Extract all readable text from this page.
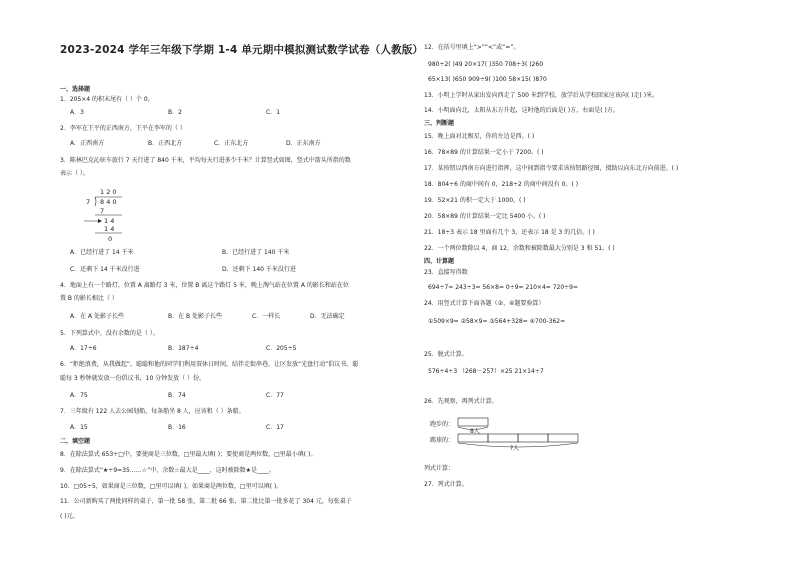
2023-2024 学年三年级下学期 1-4 单元期中模拟测试数学试卷（人教版）
一、选择题
1．205×4 的积末尾有（ ）个 0。
A．3	B．2	C．1
2．李军在王平的正西南方，王平在李军的（ ）
A．正西南方	B．正西北方	C．正东北方	D．正东南方
3．陈林巴克沁驻车旅行 7 天行进了 840 千米，平均每天行进多少千米？计算竖式如图，竖式中箭头所指的数
表示（ ）。
A．已经行进了 14 千米	B．已经行进了 140 千米
C．还剩下 14 千米没行进	D．还剩下 140 千米没行进
4．地面上有一个路灯，位置 A 离路灯 3 米，位置 B 离这个路灯 5 米，晚上淘气站在位置 A 的影长和站在位
置 B 的影长相比（ ）
A．在 A 处影子长些	B．在 B 处影子长些	C．一样长	D．无法确定
5．下列算式中，没有余数的是（ ）。
A．17÷6	B．187÷4	C．205÷5
6．“拒绝浪费，从我做起”。聪聪和他的同学们利用双休日时间，结伴走街串巷，让区发放“光盘行动”倡议书。聪
聪每 3 秒钟就发放一份倡议书，10 分钟发放（ ）份。
A．75	B．74	C．77
7．三年级有 122 人去公园划船，每条船坐 8 人，应该租（ ）条船。
A．15	B．16	C．17
二、填空题
8．在除法算式 653÷□中，要使商是三位数，□里最大填( )；要使商是两位数，□里最小填( )。
9．在除法算式“★÷9=35……☆”中，余数☆最大是____，这时被除数★是____。
10．□05÷5，如果商是三位数，□里可以填( )，如果商是两位数，□里可以填( )。
11．公司新购买了两批同样的桌子，第一批 58 张，第二批 66 张，第二批比第一批多花了 304 元，每张桌子
( )元。
12．在括号里填上“>”“<”或“=”。
980÷2( )49 20×17( )350 708÷3( )260
65×13( )650 909÷9( )100 58×15( )870
13．小明上学时从家出发向西走了 500 米到学校，放学后从学校回家应该向( )走( )米。
14．小明面向北，太阳从东方升起，这时他的后面是( )方，右面是( )方。
三、判断题
15．晚上面对北极星，你的左边是西。( )
16．78×89 的计算结果一定小于 7200。( )
17．某按钮以西南方向进行指挥，这中间到指令要求该按钮路径图，掇助以向东北方向前进。( )
18．804÷6 的商中间有 0，218÷2 的商中间没有 0。( )
19．52×21 的积一定大于 1000。( )
20．58×89 的计算结果一定比 5400 小。( )
21．18÷3 表示 18 里面有几个 3，还表示 18 是 3 的几倍。( )
22．一个两位数除以 4，商 12，余数和被除数最大分别是 3 和 51。( )
四、计算题
23．直接写得数
694÷7≈ 243÷3= 56×8= 0÷9= 210×4= 720÷9=
24．用竖式计算下面各题（②、④题要验算）
①509×9= ②58×9= ③564+328= ④700-362=
25．脱式计算。
576÷4÷3 （268－257）×25 21×14÷7
26．先观察，再列式计算。
跑步的：
踢球的：
8人
?人
列式计算：
27．列式计算。
1 2 0
7 8 4 0
7
1 4
1 4
0
